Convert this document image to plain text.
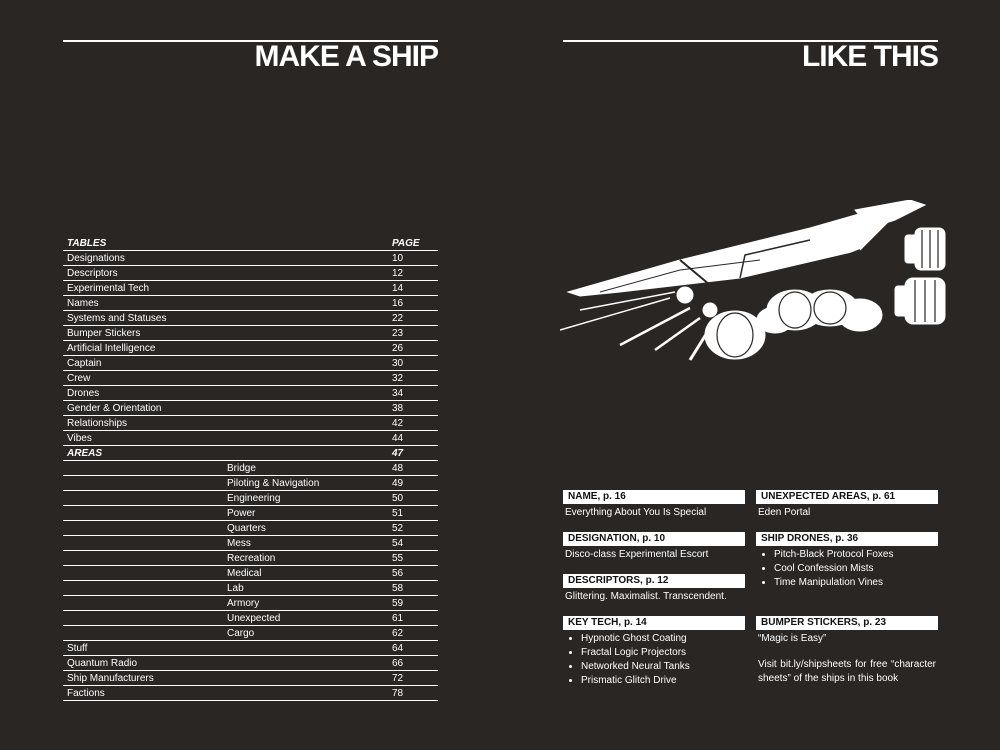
MAKE A SHIP	LIKE THIS
TABLES	PAGE
Designations	10
Descriptors	12
Experimental Tech	14
Names	16
Systems and Statuses	22
Bumper Stickers	23
Artificial Intelligence	26
Captain	30
Crew	32
Drones	34
Gender & Orientation	38
Relationships	42
Vibes	44
AREAS	47
Bridge	48
Piloting & Navigation	49
Engineering	50
Power	51
Quarters	52
Mess	54
Recreation	55
Medical	56
Lab	58
Armory	59
Unexpected	61
Cargo	62
Stuff	64
Quantum Radio	66
Ship Manufacturers	72
Factions	78
NAME, p. 16
Everything About You Is Special
DESIGNATION, p. 10
Disco-class Experimental Escort
DESCRIPTORS, p. 12
Glittering. Maximalist. Transcendent.
KEY TECH, p. 14
• Hypnotic Ghost Coating
• Fractal Logic Projectors
• Networked Neural Tanks
• Prismatic Glitch Drive
UNEXPECTED AREAS, p. 61
Eden Portal
SHIP DRONES, p. 36
• Pitch-Black Protocol Foxes
• Cool Confession Mists
• Time Manipulation Vines
BUMPER STICKERS, p. 23
“Magic is Easy”
Visit bit.ly/shipsheets for free “character sheets” of the ships in this book
